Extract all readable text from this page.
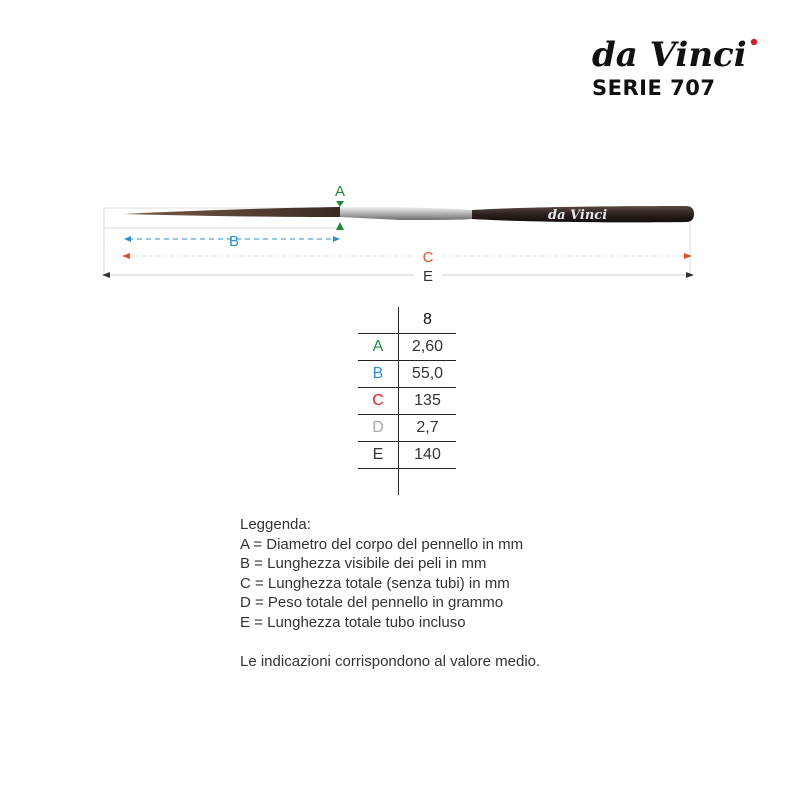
da Vinci
SERIE 707
da Vinci
A
B
C
E
	8
A	2,60
B	55,0
C	135
D	2,7
E	140

Leggenda:
A = Diametro del corpo del pennello in mm
B = Lunghezza visibile dei peli in mm
C = Lunghezza totale (senza tubi) in mm
D = Peso totale del pennello in grammo
E = Lunghezza totale tubo incluso
Le indicazioni corrispondono al valore medio.
